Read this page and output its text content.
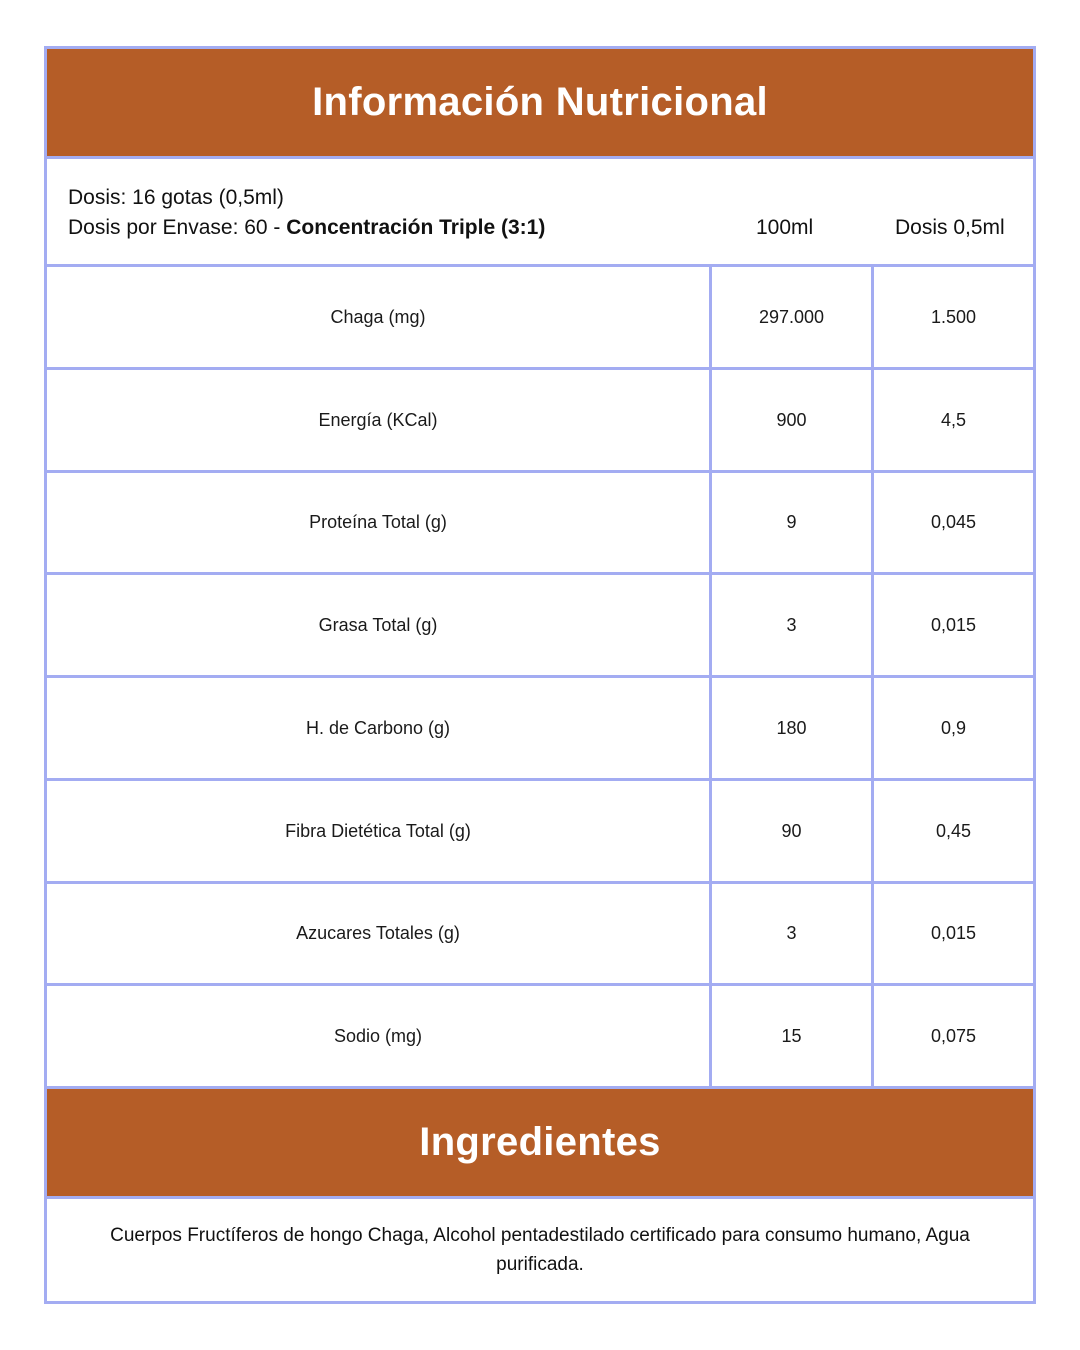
Información Nutricional
Dosis: 16 gotas (0,5ml)
Dosis por Envase: 60 - Concentración Triple (3:1)	100ml	Dosis 0,5ml
Chaga (mg)	297.000	1.500
Energía (KCal)	900	4,5
Proteína Total (g)	9	0,045
Grasa Total (g)	3	0,015
H. de Carbono (g)	180	0,9
Fibra Dietética Total (g)	90	0,45
Azucares Totales (g)	3	0,015
Sodio (mg)	15	0,075
Ingredientes
Cuerpos Fructíferos de hongo Chaga, Alcohol pentadestilado certificado para consumo humano, Agua purificada.
